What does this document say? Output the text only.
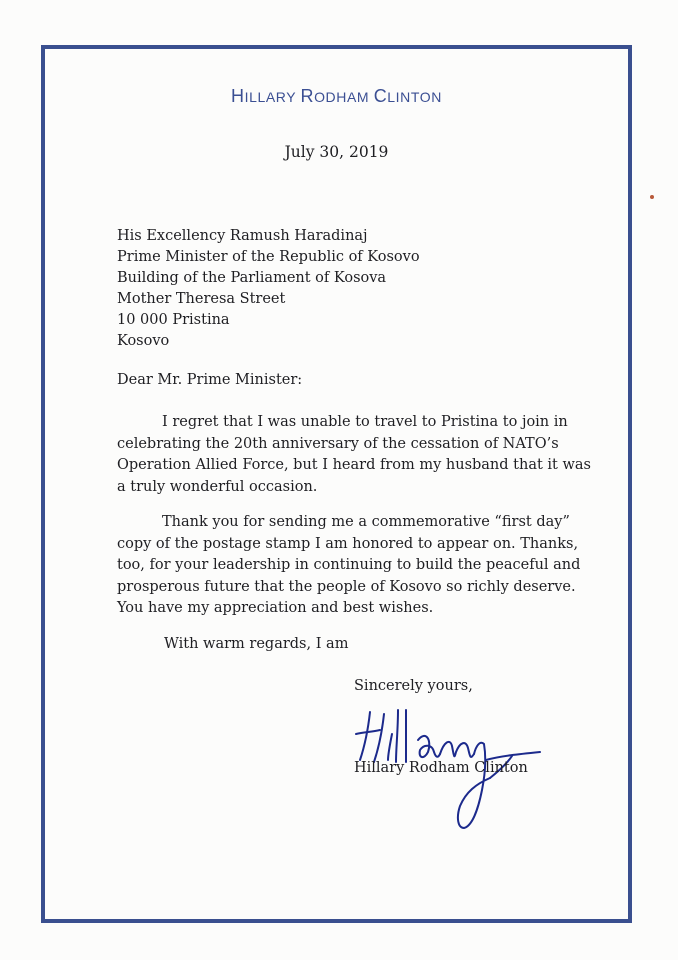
HILLARY RODHAM CLINTON
July 30, 2019
His Excellency Ramush Haradinaj
Prime Minister of the Republic of Kosovo
Building of the Parliament of Kosova
Mother Theresa Street
10 000 Pristina
Kosovo
Dear Mr. Prime Minister:
I regret that I was unable to travel to Pristina to join in
celebrating the 20th anniversary of the cessation of NATO’s
Operation Allied Force, but I heard from my husband that it was
a truly wonderful occasion.
Thank you for sending me a commemorative “first day”
copy of the postage stamp I am honored to appear on. Thanks,
too, for your leadership in continuing to build the peaceful and
prosperous future that the people of Kosovo so richly deserve.
You have my appreciation and best wishes.
With warm regards, I am
Sincerely yours,
Hillary Rodham Clinton
